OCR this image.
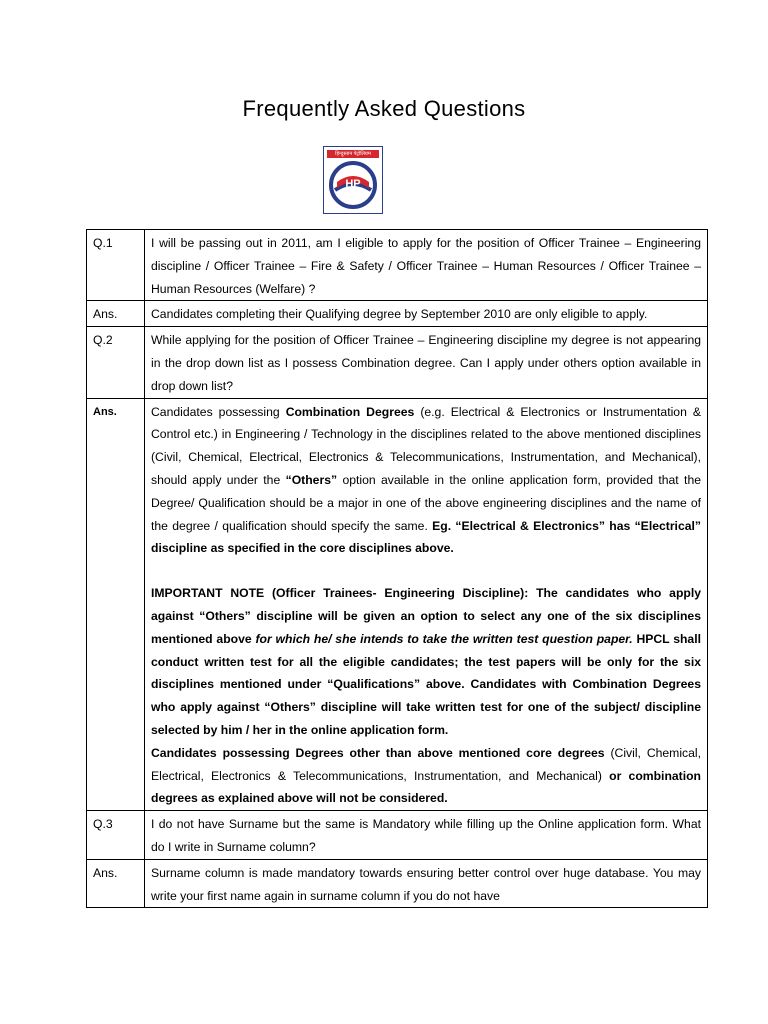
Frequently Asked Questions
हिन्दुस्तान पेट्रोलियम
HP
Q.1	I will be passing out in 2011, am I eligible to apply for the position of Officer Trainee – Engineering discipline / Officer Trainee – Fire & Safety / Officer Trainee – Human Resources / Officer Trainee – Human Resources (Welfare) ?
Ans.	Candidates completing their Qualifying degree by September 2010 are only eligible to apply.
Q.2	While applying for the position of Officer Trainee – Engineering discipline my degree is not appearing in the drop down list as I possess Combination degree. Can I apply under others option available in drop down list?
Ans.	Candidates possessing Combination Degrees (e.g. Electrical & Electronics or Instrumentation & Control etc.) in Engineering / Technology in the disciplines related to the above mentioned disciplines (Civil, Chemical, Electrical, Electronics & Telecommunications, Instrumentation, and Mechanical), should apply under the “Others” option available in the online application form, provided that the Degree/ Qualification should be a major in one of the above engineering disciplines and the name of the degree / qualification should specify the same. Eg. “Electrical & Electronics” has “Electrical” discipline as specified in the core disciplines above.
IMPORTANT NOTE (Officer Trainees- Engineering Discipline): The candidates who apply against “Others” discipline will be given an option to select any one of the six disciplines mentioned above for which he/ she intends to take the written test question paper. HPCL shall conduct written test for all the eligible candidates; the test papers will be only for the six disciplines mentioned under “Qualifications” above. Candidates with Combination Degrees who apply against “Others” discipline will take written test for one of the subject/ discipline selected by him / her in the online application form.
Candidates possessing Degrees other than above mentioned core degrees (Civil, Chemical, Electrical, Electronics & Telecommunications, Instrumentation, and Mechanical) or combination degrees as explained above will not be considered.

Q.3	I do not have Surname but the same is Mandatory while filling up the Online application form. What do I write in Surname column?
Ans.	Surname column is made mandatory towards ensuring better control over huge database. You may write your first name again in surname column if you do not have
